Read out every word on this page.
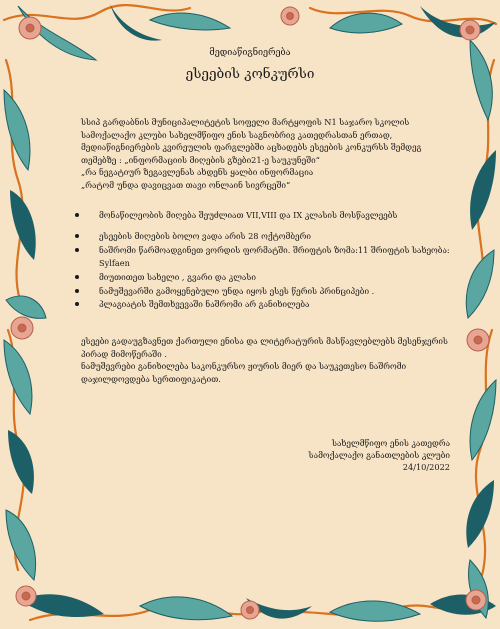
მედიაწიგნიერება
ესეების კონკურსი
სსიპ გარდაბნის მუნიციპალიტეტის სოფელი მარტყოფის N1 საჯარო სკოლის
სამოქალაქო კლუბი სახელმწიფო ენის საგნობრივ კათედრასთან ერთად,
მედიაწიგნიერების კვირეულის ფარგლებში აცხადებს ესეების კონკურსს შემდეგ
თემებზე : „ინფორმაციის მიღების გზები21-ე საუკუნეში“
„რა ნეგატიურ ზეგავლენას ახდენს ყალბი ინფორმაცია
„რატომ უნდა დავიცვათ თავი ონლაინ სივრცეში“
მონაწილეობის მიღება შეუძლიათ VII,VIII და IX კლასის მოსწავლეებს
ესეების მიღების ბოლო ვადა არის 28 ოქტომბერი
ნაშრომი წარმოადგინეთ ვორდის ფორმატში. შრიფტის ზომა:11 შრიფტის სახეობა:
Sylfaen
მიუთითეთ სახელი , გვარი და კლასი
ნამუშევარში გამოყენებული უნდა იყოს ესეს წერის პრინციპები .
პლაგიატის შემთხვევაში ნაშრომი არ განიხილება
ესეები გადაუგზავნეთ ქართული ენისა და ლიტერატურის მასწავლებლებს მესენჯერის
პირად მიმოწერაში .
ნამუშევრები განიხილება საკონკურსო ჟიურის მიერ და საუკეთესო ნაშრომი
დაჯილდოვდება სერთიფიკატით.
სახელმწიფო ენის კათედრა
სამოქალაქო განათლების კლუბი
24/10/2022
